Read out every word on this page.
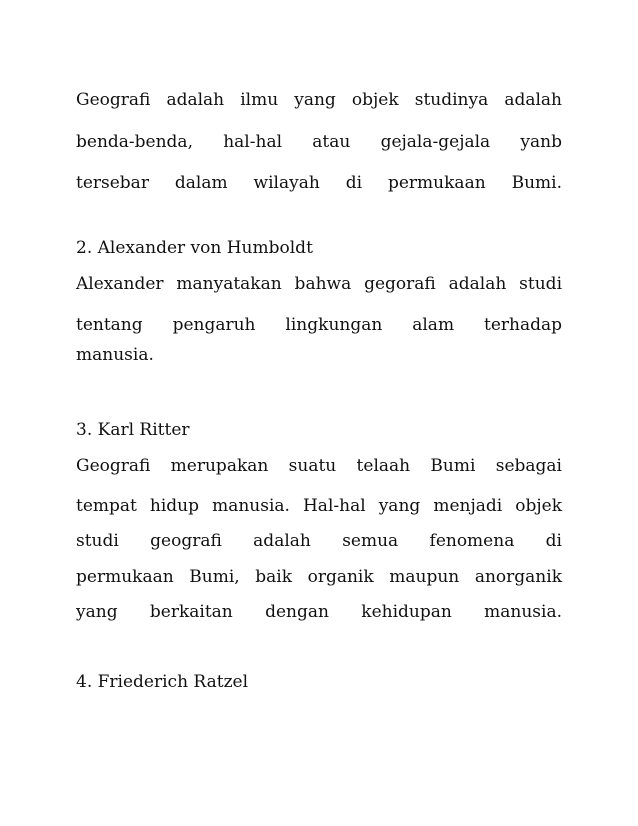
Geografi adalah ilmu yang objek studinya adalah
benda-benda, hal-hal atau gejala-gejala yanb
tersebar dalam wilayah di permukaan Bumi.
2. Alexander von Humboldt
Alexander manyatakan bahwa gegorafi adalah studi
tentang pengaruh lingkungan alam terhadap
manusia.
3. Karl Ritter
Geografi merupakan suatu telaah Bumi sebagai
tempat hidup manusia. Hal-hal yang menjadi objek
studi geografi adalah semua fenomena di
permukaan Bumi, baik organik maupun anorganik
yang berkaitan dengan kehidupan manusia.
4. Friederich Ratzel
